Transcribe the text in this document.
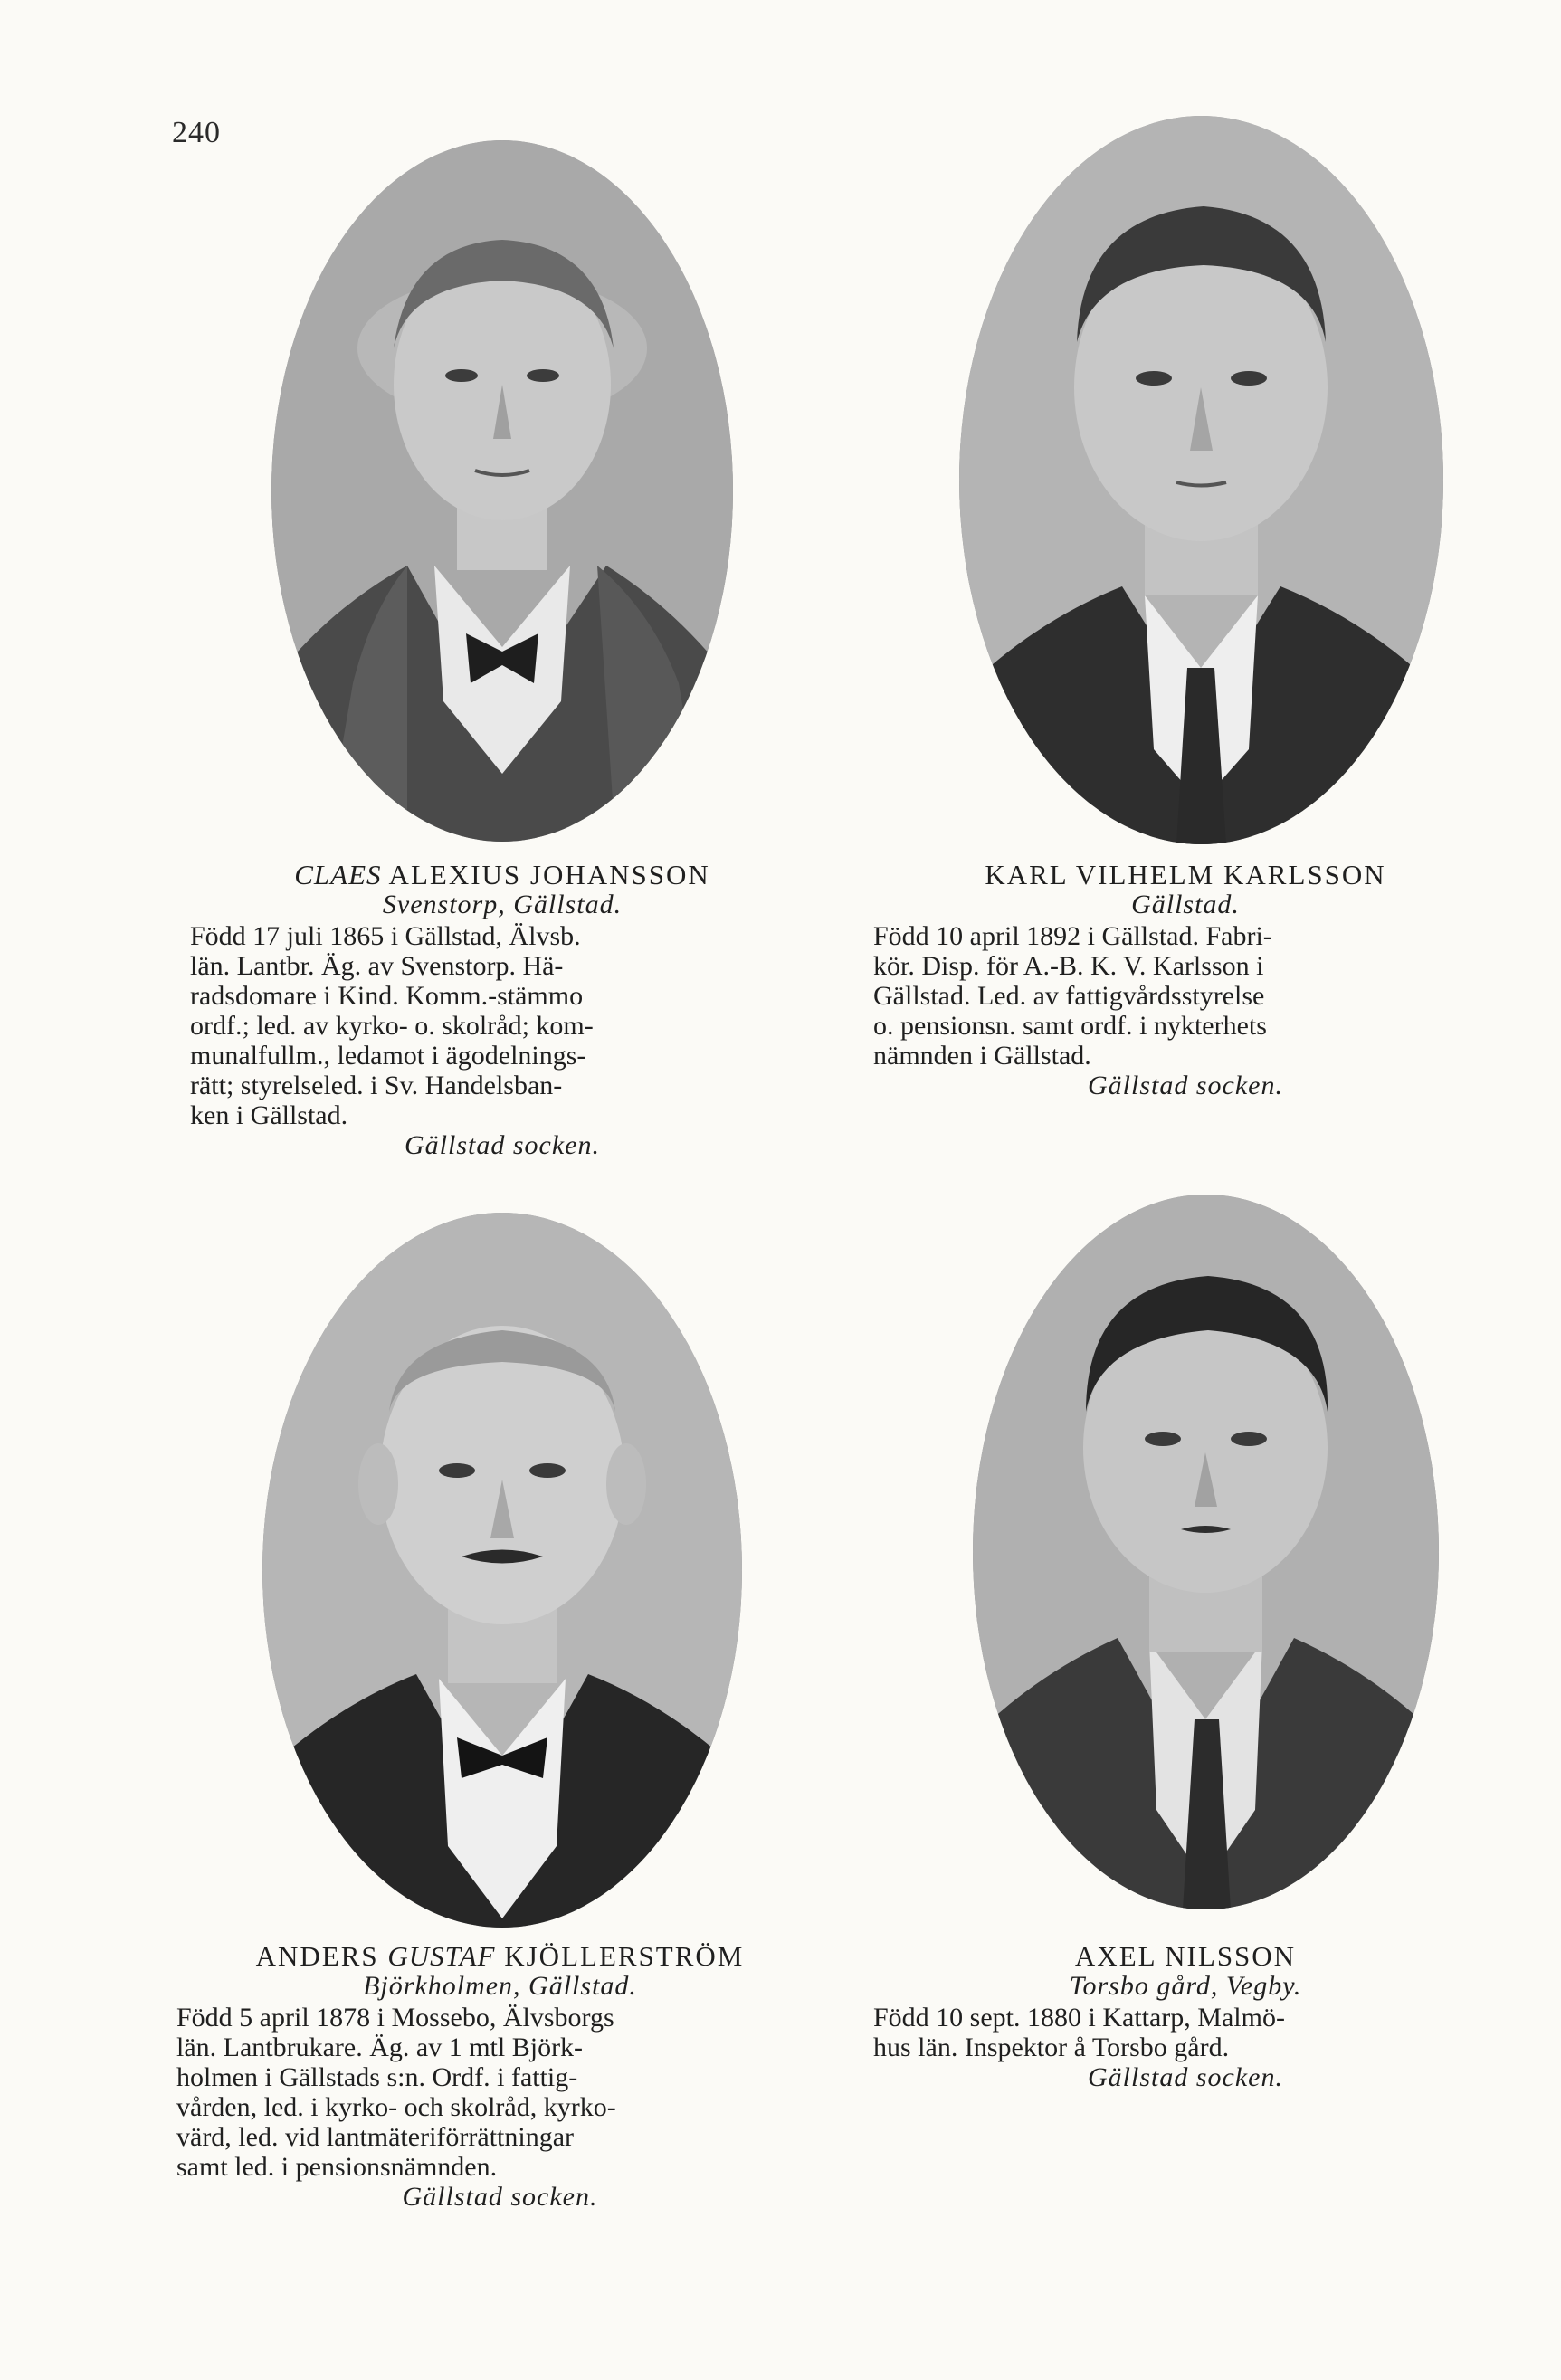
240
CLAES ALEXIUS JOHANSSON
Svenstorp, Gällstad.
Född 17 juli 1865 i Gällstad, Älvsb.
län. Lantbr. Äg. av Svenstorp. Hä-
radsdomare i Kind. Komm.-stämmo
ordf.; led. av kyrko- o. skolråd; kom-
munalfullm., ledamot i ägodelnings-
rätt; styrelseled. i Sv. Handelsban-
ken i Gällstad.
Gällstad socken.
KARL VILHELM KARLSSON
Gällstad.
Född 10 april 1892 i Gällstad. Fabri-
kör. Disp. för A.-B. K. V. Karlsson i
Gällstad. Led. av fattigvårdsstyrelse
o. pensionsn. samt ordf. i nykterhets
nämnden i Gällstad.
Gällstad socken.
ANDERS GUSTAF KJÖLLERSTRÖM
Björkholmen, Gällstad.
Född 5 april 1878 i Mossebo, Älvsborgs
län. Lantbrukare. Äg. av 1 mtl Björk-
holmen i Gällstads s:n. Ordf. i fattig-
vården, led. i kyrko- och skolråd, kyrko-
värd, led. vid lantmäteriförrättningar
samt led. i pensionsnämnden.
Gällstad socken.
AXEL NILSSON
Torsbo gård, Vegby.
Född 10 sept. 1880 i Kattarp, Malmö-
hus län. Inspektor å Torsbo gård.
Gällstad socken.
